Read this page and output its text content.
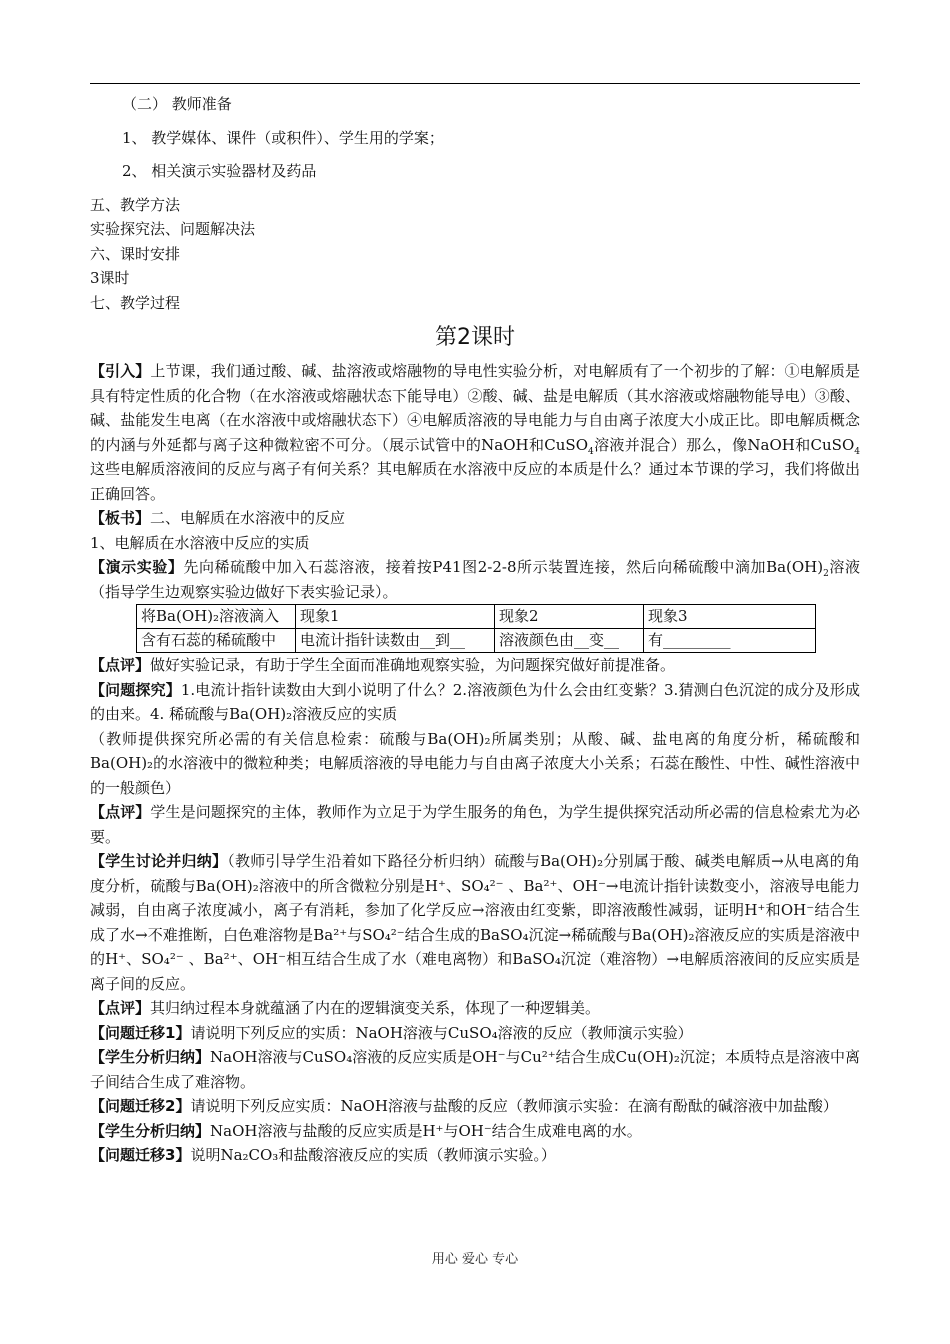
（二） 教师准备

1、 教学媒体、课件（或积件）、学生用的学案；

2、 相关演示实验器材及药品

五、教学方法

实验探究法、问题解决法

六、课时安排

3课时

七、教学过程

第2课时

【引入】上节课，我们通过酸、碱、盐溶液或熔融物的导电性实验分析，对电解质有了一个初步的了解：①电解质是具有特定性质的化合物（在水溶液或熔融状态下能导电）②酸、碱、盐是电解质（其水溶液或熔融物能导电）③酸、碱、盐能发生电离（在水溶液中或熔融状态下）④电解质溶液的导电能力与自由离子浓度大小成正比。即电解质概念的内涵与外延都与离子这种微粒密不可分。（展示试管中的NaOH和CuSO$_4$溶液并混合）那么，像NaOH和CuSO$_4$这些电解质溶液间的反应与离子有何关系？其电解质在水溶液中反应的本质是什么？通过本节课的学习，我们将做出正确回答。

【板书】二、电解质在水溶液中的反应

1、电解质在水溶液中反应的实质

【演示实验】先向稀硫酸中加入石蕊溶液，接着按P41图2-2-8所示装置连接，然后向稀硫酸中滴加$Ba(OH)_2$溶液（指导学生边观察实验边做好下表实验记录）。

将Ba(OH)₂溶液滴入	现象1	现象2	现象3
含有石蕊的稀硫酸中	电流计指针读数由__到__	溶液颜色由__变__	有_________

【点评】做好实验记录，有助于学生全面而准确地观察实验，为问题探究做好前提准备。

【问题探究】1.电流计指针读数由大到小说明了什么？2.溶液颜色为什么会由红变紫？3.猜测白色沉淀的成分及形成的由来。4. 稀硫酸与Ba(OH)₂溶液反应的实质

（教师提供探究所必需的有关信息检索：硫酸与Ba(OH)₂所属类别；从酸、碱、盐电离的角度分析，稀硫酸和Ba(OH)₂的水溶液中的微粒种类；电解质溶液的导电能力与自由离子浓度大小关系；石蕊在酸性、中性、碱性溶液中的一般颜色）

【点评】学生是问题探究的主体，教师作为立足于为学生服务的角色，为学生提供探究活动所必需的信息检索尤为必要。

【学生讨论并归纳】（教师引导学生沿着如下路径分析归纳）硫酸与Ba(OH)₂分别属于酸、碱类电解质→从电离的角度分析，硫酸与Ba(OH)₂溶液中的所含微粒分别是H⁺、SO₄²⁻ 、Ba²⁺、OH⁻→电流计指针读数变小，溶液导电能力减弱，自由离子浓度减小，离子有消耗，参加了化学反应→溶液由红变紫，即溶液酸性减弱，证明H⁺和OH⁻结合生成了水→不难推断，白色难溶物是Ba²⁺与SO₄²⁻结合生成的BaSO₄沉淀→稀硫酸与Ba(OH)₂溶液反应的实质是溶液中的H⁺、SO₄²⁻ 、Ba²⁺、OH⁻相互结合生成了水（难电离物）和BaSO₄沉淀（难溶物）→电解质溶液间的反应实质是离子间的反应。

【点评】其归纳过程本身就蕴涵了内在的逻辑演变关系，体现了一种逻辑美。

【问题迁移1】请说明下列反应的实质：NaOH溶液与CuSO₄溶液的反应（教师演示实验）

【学生分析归纳】NaOH溶液与CuSO₄溶液的反应实质是OH⁻与Cu²⁺结合生成Cu(OH)₂沉淀；本质特点是溶液中离子间结合生成了难溶物。

【问题迁移2】请说明下列反应实质：NaOH溶液与盐酸的反应（教师演示实验：在滴有酚酞的碱溶液中加盐酸）

【学生分析归纳】NaOH溶液与盐酸的反应实质是H⁺与OH⁻结合生成难电离的水。

【问题迁移3】说明Na₂CO₃和盐酸溶液反应的实质（教师演示实验。）

用心 爱心 专心
